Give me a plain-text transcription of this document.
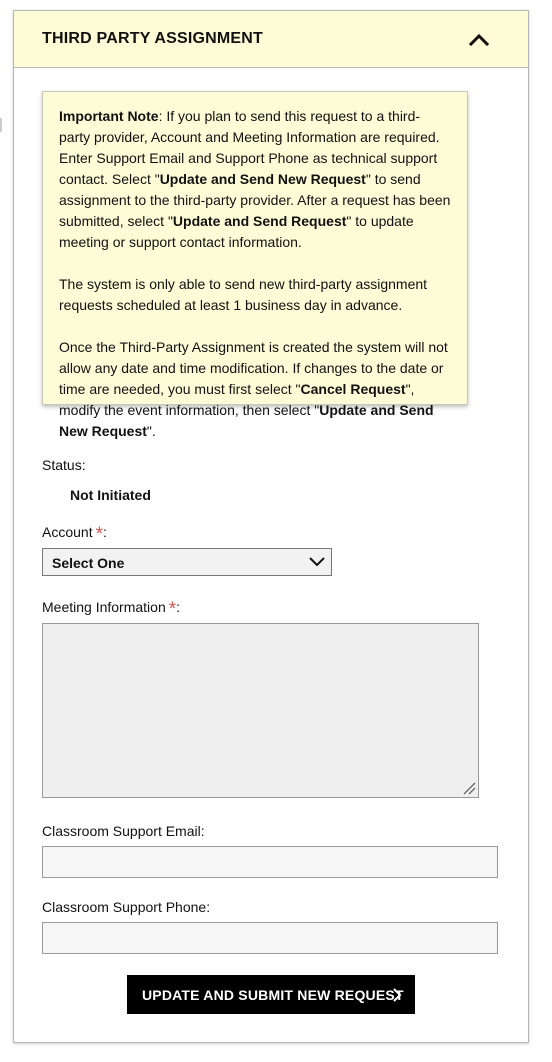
THIRD PARTY ASSIGNMENT

Important Note: If you plan to send this request to a third-party provider, Account and Meeting Information are required. Enter Support Email and Support Phone as technical support contact. Select "Update and Send New Request" to send assignment to the third-party provider. After a request has been submitted, select "Update and Send Request" to update meeting or support contact information.

The system is only able to send new third-party assignment requests scheduled at least 1 business day in advance.

Once the Third-Party Assignment is created the system will not allow any date and time modification. If changes to the date or time are needed, you must first select "Cancel Request", modify the event information, then select "Update and Send New Request".

Status:
Not Initiated
Account *:
Select One
Meeting Information *:
Classroom Support Email:
Classroom Support Phone:
UPDATE AND SUBMIT NEW REQUEST
